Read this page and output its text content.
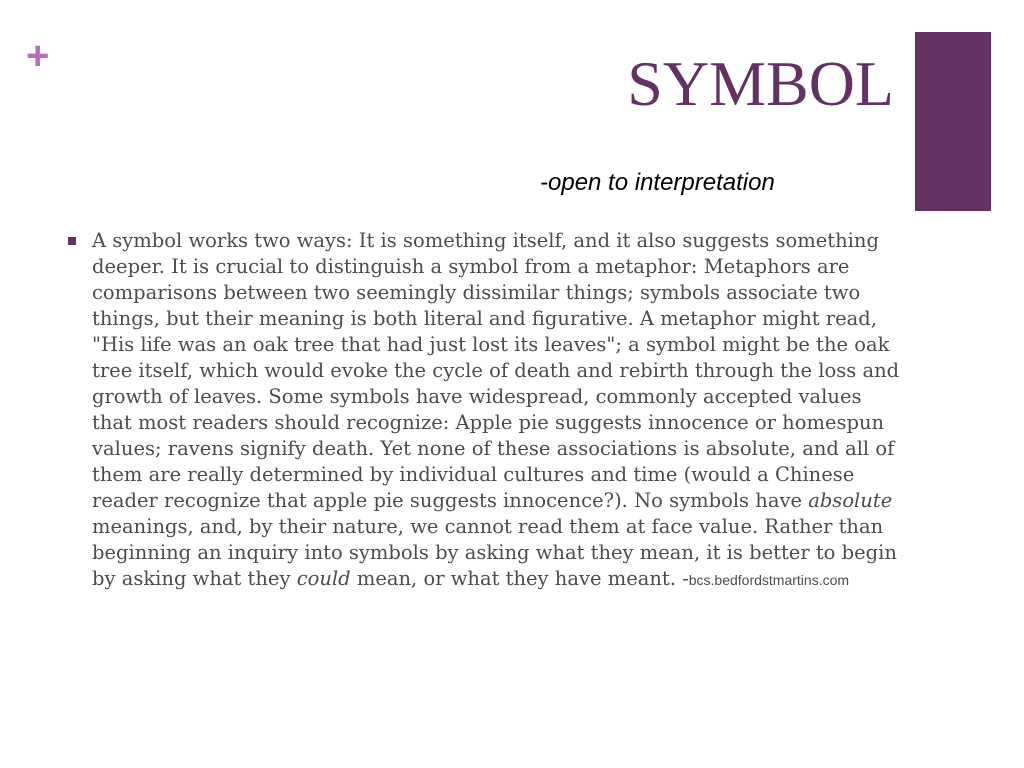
+	SYMBOL
-open to interpretation
A symbol works two ways: It is something itself, and it also suggests something deeper. It is crucial to distinguish a symbol from a metaphor: Metaphors are comparisons between two seemingly dissimilar things; symbols associate two things, but their meaning is both literal and figurative. A metaphor might read, "His life was an oak tree that had just lost its leaves"; a symbol might be the oak tree itself, which would evoke the cycle of death and rebirth through the loss and growth of leaves. Some symbols have widespread, commonly accepted values that most readers should recognize: Apple pie suggests innocence or homespun values; ravens signify death. Yet none of these associations is absolute, and all of them are really determined by individual cultures and time (would a Chinese reader recognize that apple pie suggests innocence?). No symbols have absolute meanings, and, by their nature, we cannot read them at face value. Rather than beginning an inquiry into symbols by asking what they mean, it is better to begin by asking what they could mean, or what they have meant. -bcs.bedfordstmartins.com
